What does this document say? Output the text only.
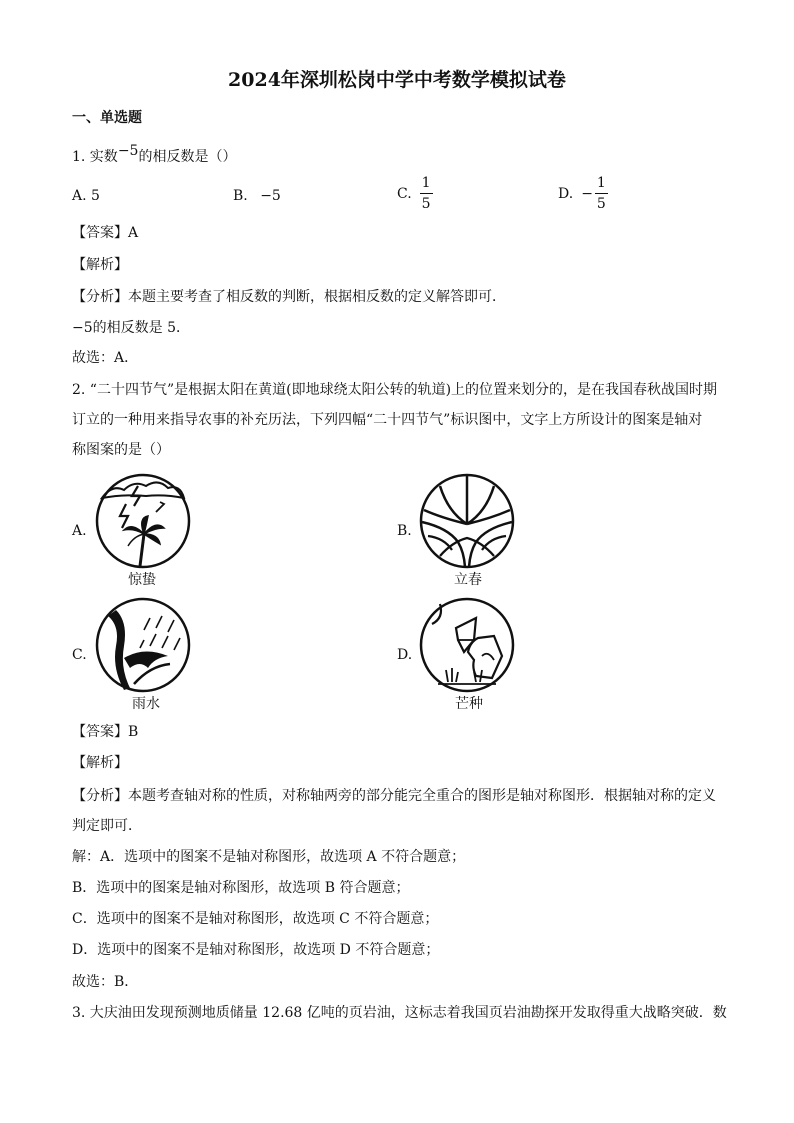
2024年深圳松岗中学中考数学模拟试卷
一、单选题
1. 实数−5的相反数是（）
A. 5	B. −5	C. $\frac{1}{5}$	D. − $\frac{1}{5}$
【答案】A
【解析】
【分析】本题主要考查了相反数的判断，根据相反数的定义解答即可．
−5的相反数是 5．
故选：A．
2. “二十四节气”是根据太阳在黄道(即地球绕太阳公转的轨道)上的位置来划分的，是在我国春秋战国时期
订立的一种用来指导农事的补充历法，下列四幅“二十四节气”标识图中，文字上方所设计的图案是轴对
称图案的是（）
A.
惊蛰
B.
立春
C.
雨水
D.
芒种
【答案】B
【解析】
【分析】本题考查轴对称的性质，对称轴两旁的部分能完全重合的图形是轴对称图形．根据轴对称的定义
判定即可．
解：A．选项中的图案不是轴对称图形，故选项 A 不符合题意；
B．选项中的图案是轴对称图形，故选项 B 符合题意；
C．选项中的图案不是轴对称图形，故选项 C 不符合题意；
D．选项中的图案不是轴对称图形，故选项 D 不符合题意；
故选：B．
3. 大庆油田发现预测地质储量 12.68 亿吨的页岩油，这标志着我国页岩油勘探开发取得重大战略突破．数
